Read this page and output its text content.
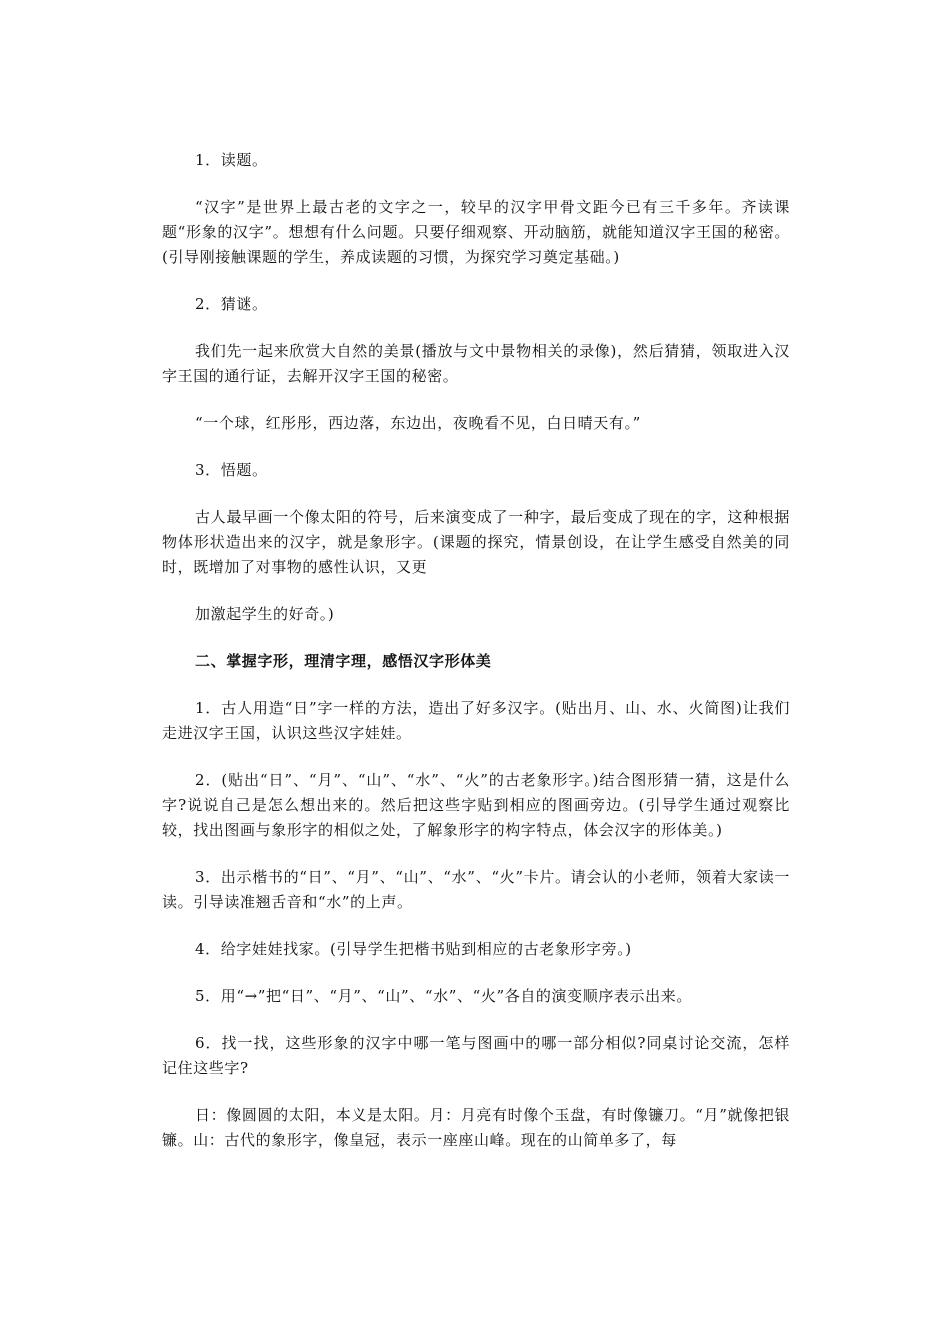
1．读题。

“汉字”是世界上最古老的文字之一，较早的汉字甲骨文距今已有三千多年。齐读课题“形象的汉字”。想想有什么问题。只要仔细观察、开动脑筋，就能知道汉字王国的秘密。(引导刚接触课题的学生，养成读题的习惯，为探究学习奠定基础。)

2．猜谜。

我们先一起来欣赏大自然的美景(播放与文中景物相关的录像)，然后猜猜，领取进入汉字王国的通行证，去解开汉字王国的秘密。

“一个球，红彤彤，西边落，东边出，夜晚看不见，白日晴天有。”

3．悟题。

古人最早画一个像太阳的符号，后来演变成了一种字，最后变成了现在的字，这种根据物体形状造出来的汉字，就是象形字。(课题的探究，情景创设，在让学生感受自然美的同时，既增加了对事物的感性认识，又更

加激起学生的好奇。)

二、掌握字形，理清字理，感悟汉字形体美

1．古人用造“日”字一样的方法，造出了好多汉字。(贴出月、山、水、火简图)让我们走进汉字王国，认识这些汉字娃娃。

2．(贴出“日”、“月”、“山”、“水”、“火”的古老象形字。)结合图形猜一猜，这是什么字?说说自己是怎么想出来的。然后把这些字贴到相应的图画旁边。(引导学生通过观察比较，找出图画与象形字的相似之处，了解象形字的构字特点，体会汉字的形体美。)

3．出示楷书的“日”、“月”、“山”、“水”、“火”卡片。请会认的小老师，领着大家读一读。引导读准翘舌音和“水”的上声。

4．给字娃娃找家。(引导学生把楷书贴到相应的古老象形字旁。)

5．用“→”把“日”、“月”、“山”、“水”、“火”各自的演变顺序表示出来。

6．找一找，这些形象的汉字中哪一笔与图画中的哪一部分相似?同桌讨论交流，怎样记住这些字?

日：像圆圆的太阳，本义是太阳。月：月亮有时像个玉盘，有时像镰刀。“月”就像把银镰。山：古代的象形字，像皇冠，表示一座座山峰。现在的山简单多了，每
